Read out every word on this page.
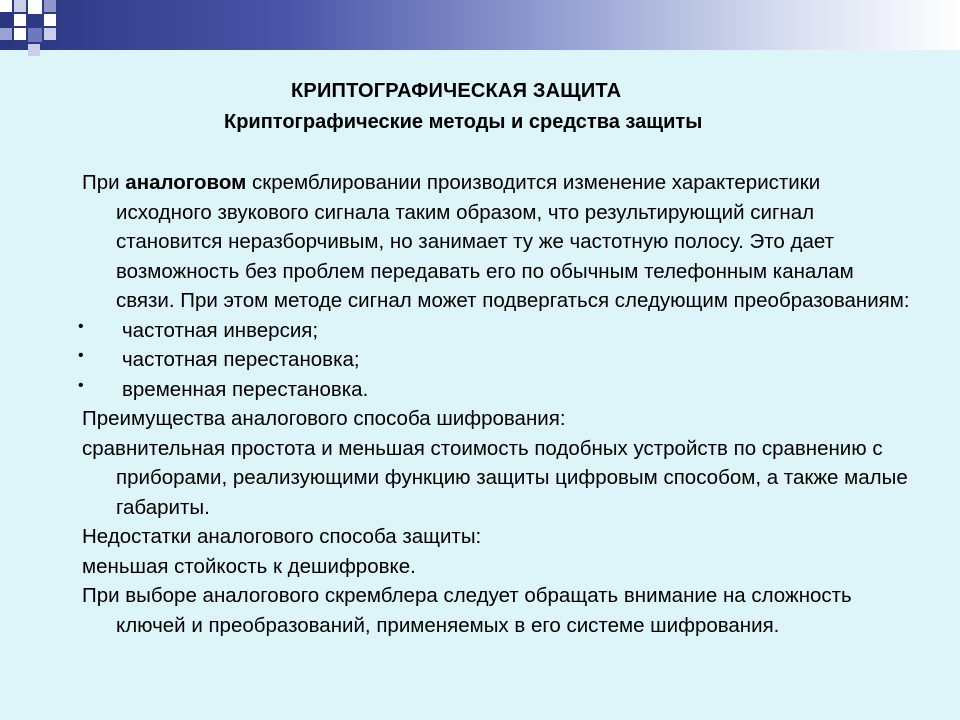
КРИПТОГРАФИЧЕСКАЯ ЗАЩИТА
Криптографические методы и средства защиты
При аналоговом скремблировании производится изменение характеристики исходного звукового сигнала таким образом, что результирующий сигнал становится неразборчивым, но занимает ту же частотную полосу. Это дает возможность без проблем передавать его по обычным телефонным каналам связи. При этом методе сигнал может подвергаться следующим преобразованиям:
• частотная инверсия;
• частотная перестановка;
• временная перестановка.
Преимущества аналогового способа шифрования:
сравнительная простота и меньшая стоимость подобных устройств по сравнению с приборами, реализующими функцию защиты цифровым способом, а также малые габариты.
Недостатки аналогового способа защиты:
меньшая стойкость к дешифровке.
При выборе аналогового скремблера следует обращать внимание на сложность ключей и преобразований, применяемых в его системе шифрования.
